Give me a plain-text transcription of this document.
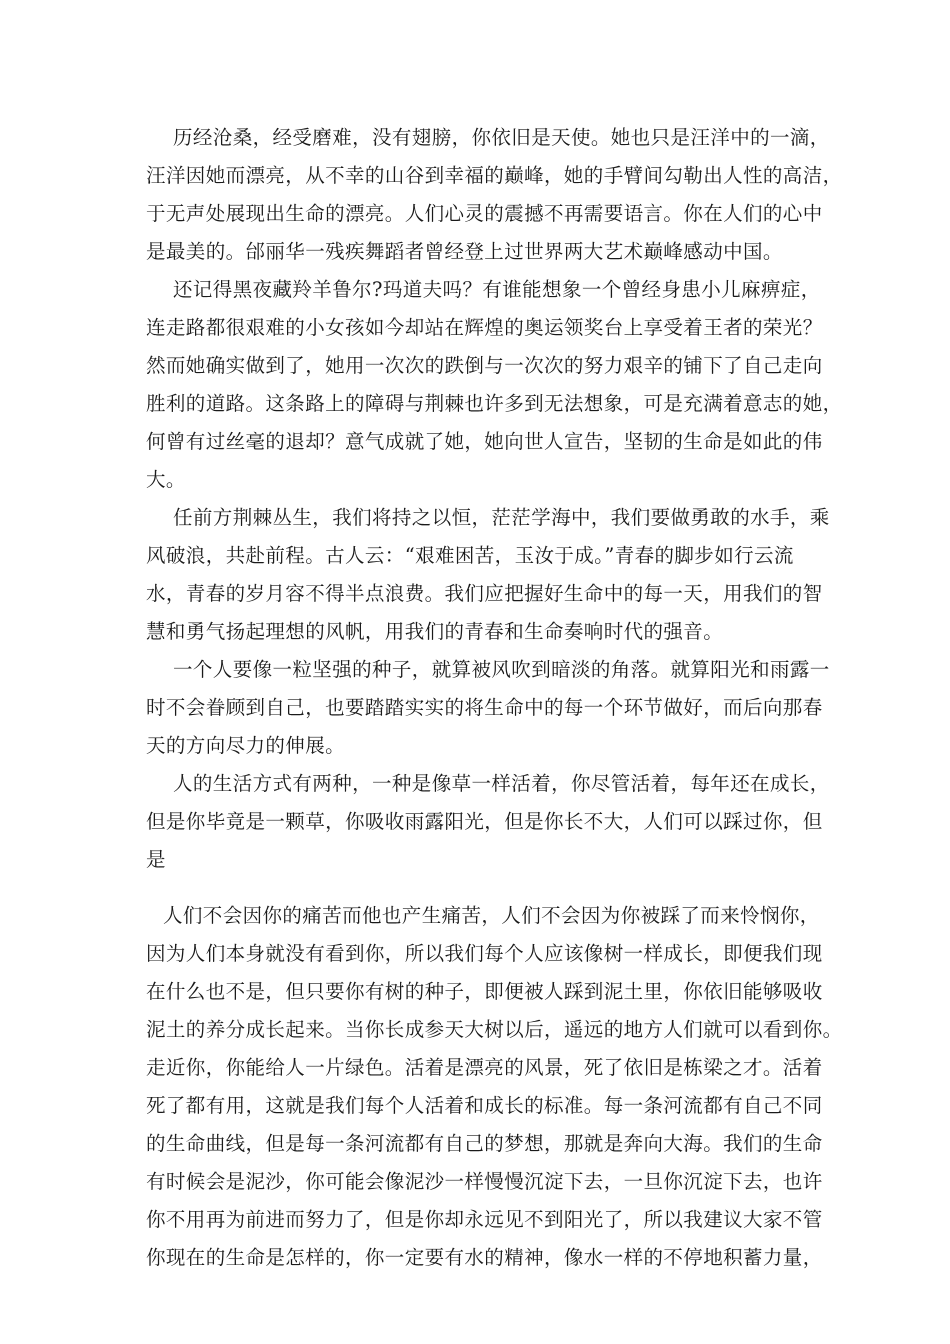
历经沧桑，经受磨难，没有翅膀，你依旧是天使。她也只是汪洋中的一滴，
汪洋因她而漂亮，从不幸的山谷到幸福的巅峰，她的手臂间勾勒出人性的高洁，
于无声处展现出生命的漂亮。人们心灵的震撼不再需要语言。你在人们的心中
是最美的。邰丽华一残疾舞蹈者曾经登上过世界两大艺术巅峰感动中国。
还记得黑夜藏羚羊鲁尔?玛道夫吗？有谁能想象一个曾经身患小儿麻痹症，
连走路都很艰难的小女孩如今却站在辉煌的奥运领奖台上享受着王者的荣光？
然而她确实做到了，她用一次次的跌倒与一次次的努力艰辛的铺下了自己走向
胜利的道路。这条路上的障碍与荆棘也许多到无法想象，可是充满着意志的她，
何曾有过丝毫的退却？意气成就了她，她向世人宣告，坚韧的生命是如此的伟
大。
任前方荆棘丛生，我们将持之以恒，茫茫学海中，我们要做勇敢的水手，乘
风破浪，共赴前程。古人云：“艰难困苦，玉汝于成。”青春的脚步如行云流
水，青春的岁月容不得半点浪费。我们应把握好生命中的每一天，用我们的智
慧和勇气扬起理想的风帆，用我们的青春和生命奏响时代的强音。
一个人要像一粒坚强的种子，就算被风吹到暗淡的角落。就算阳光和雨露一
时不会眷顾到自己，也要踏踏实实的将生命中的每一个环节做好，而后向那春
天的方向尽力的伸展。
人的生活方式有两种，一种是像草一样活着，你尽管活着，每年还在成长，
但是你毕竟是一颗草，你吸收雨露阳光，但是你长不大，人们可以踩过你，但
是
人们不会因你的痛苦而他也产生痛苦，人们不会因为你被踩了而来怜悯你，
因为人们本身就没有看到你，所以我们每个人应该像树一样成长，即便我们现
在什么也不是，但只要你有树的种子，即便被人踩到泥土里，你依旧能够吸收
泥土的养分成长起来。当你长成参天大树以后，遥远的地方人们就可以看到你。
走近你，你能给人一片绿色。活着是漂亮的风景，死了依旧是栋梁之才。活着
死了都有用，这就是我们每个人活着和成长的标准。每一条河流都有自己不同
的生命曲线，但是每一条河流都有自己的梦想，那就是奔向大海。我们的生命
有时候会是泥沙，你可能会像泥沙一样慢慢沉淀下去，一旦你沉淀下去，也许
你不用再为前进而努力了，但是你却永远见不到阳光了，所以我建议大家不管
你现在的生命是怎样的，你一定要有水的精神，像水一样的不停地积蓄力量，
